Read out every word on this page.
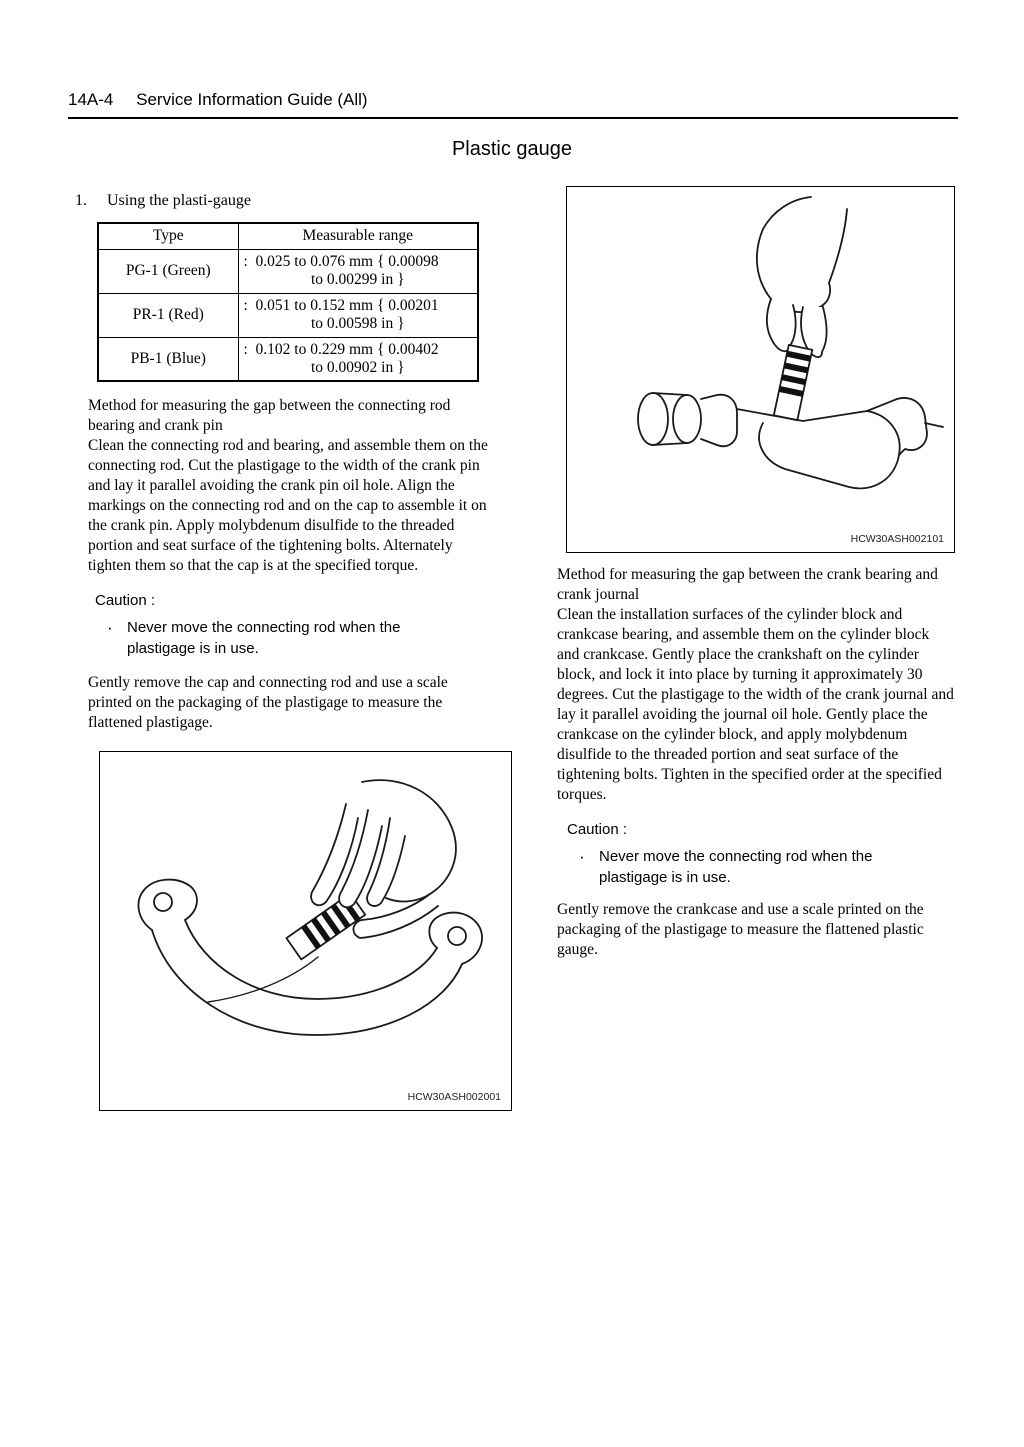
14A-4 Service Information Guide (All)
Plastic gauge
1.	Using the plasti-gauge
Type	Measurable range
PG-1 (Green)	:  0.025 to 0.076 mm { 0.00098
to 0.00299 in }

PR-1 (Red)	:  0.051 to 0.152 mm { 0.00201
to 0.00598 in }

PB-1 (Blue)	:  0.102 to 0.229 mm { 0.00402
to 0.00902 in }
Method for measuring the gap between the connecting rod bearing and crank pin
Clean the connecting rod and bearing, and assemble them on the connecting rod. Cut the plastigage to the width of the crank pin and lay it parallel avoiding the crank pin oil hole. Align the markings on the connecting rod and on the cap to assemble it on the crank pin. Apply molybdenum disulfide to the threaded portion and seat surface of the tightening bolts. Alternately tighten them so that the cap is at the specified torque.
Caution :
· Never move the connecting rod when the plastigage is in use.
Gently remove the cap and connecting rod and use a scale printed on the packaging of the plastigage to measure the flattened plastigage.
HCW30ASH002001
HCW30ASH002101
Method for measuring the gap between the crank bearing and crank journal
Clean the installation surfaces of the cylinder block and crankcase bearing, and assemble them on the cylinder block and crankcase. Gently place the crankshaft on the cylinder block, and lock it into place by turning it approximately 30 degrees. Cut the plastigage to the width of the crank journal and lay it parallel avoiding the journal oil hole. Gently place the crankcase on the cylinder block, and apply molybdenum disulfide to the threaded portion and seat surface of the tightening bolts. Tighten in the specified order at the specified torques.
Caution :
· Never move the connecting rod when the plastigage is in use.
Gently remove the crankcase and use a scale printed on the packaging of the plastigage to measure the flattened plastic gauge.
